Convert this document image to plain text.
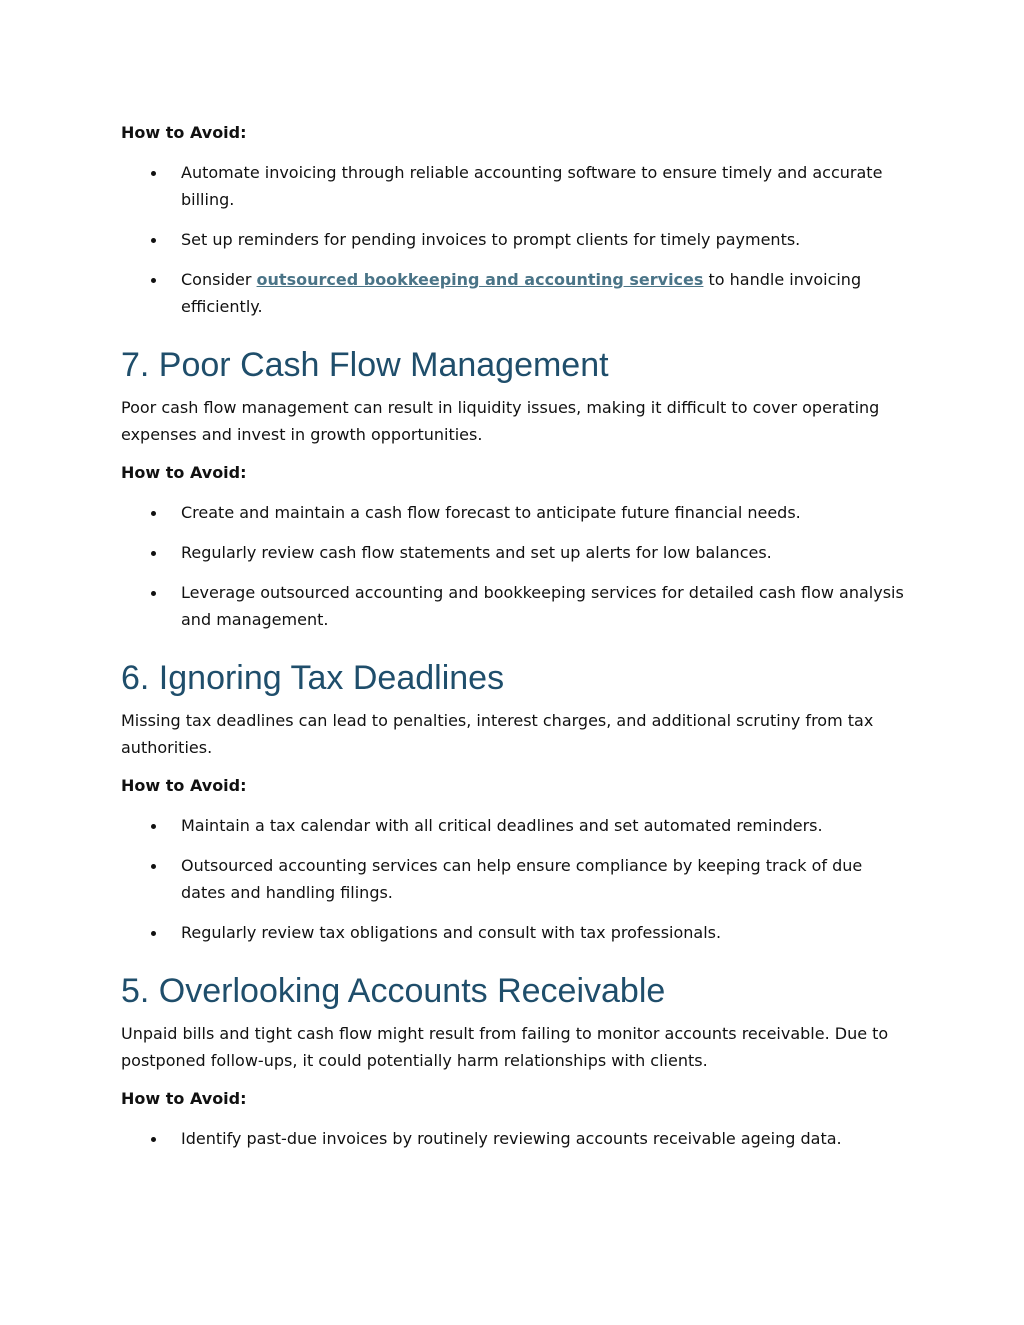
How to Avoid:

Automate invoicing through reliable accounting software to ensure timely and accurate billing.
Set up reminders for pending invoices to prompt clients for timely payments.
Consider outsourced bookkeeping and accounting services to handle invoicing efficiently.
7. Poor Cash Flow Management

Poor cash flow management can result in liquidity issues, making it difficult to cover operating expenses and invest in growth opportunities.

How to Avoid:

Create and maintain a cash flow forecast to anticipate future financial needs.
Regularly review cash flow statements and set up alerts for low balances.
Leverage outsourced accounting and bookkeeping services for detailed cash flow analysis and management.
6. Ignoring Tax Deadlines

Missing tax deadlines can lead to penalties, interest charges, and additional scrutiny from tax authorities.

How to Avoid:

Maintain a tax calendar with all critical deadlines and set automated reminders.
Outsourced accounting services can help ensure compliance by keeping track of due dates and handling filings.
Regularly review tax obligations and consult with tax professionals.
5. Overlooking Accounts Receivable

Unpaid bills and tight cash flow might result from failing to monitor accounts receivable. Due to postponed follow-ups, it could potentially harm relationships with clients.

How to Avoid:

Identify past-due invoices by routinely reviewing accounts receivable ageing data.
